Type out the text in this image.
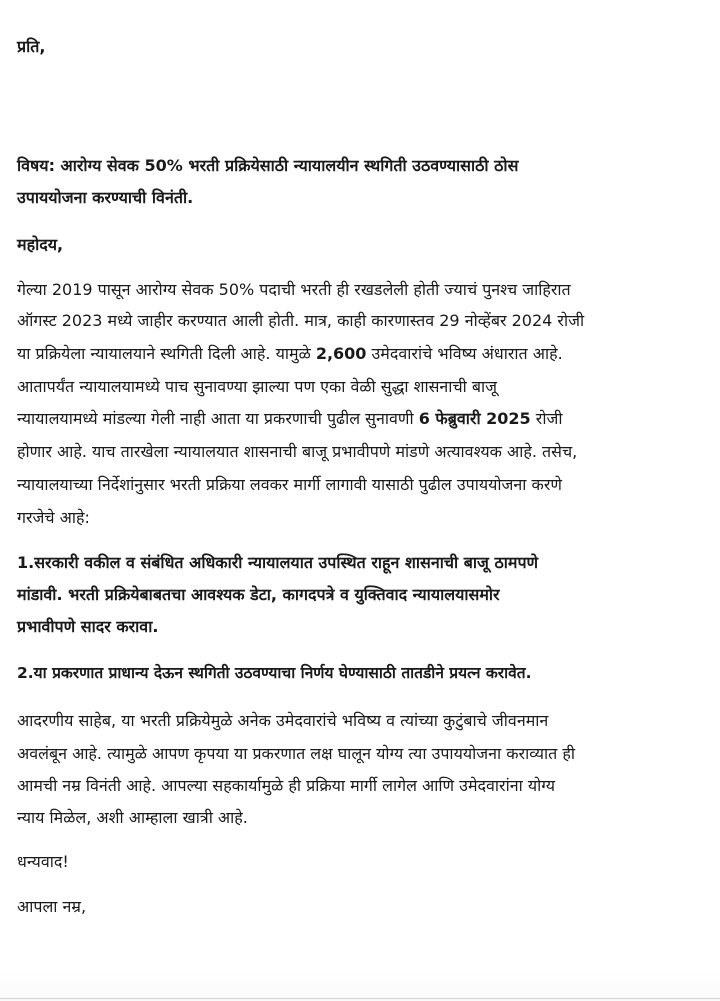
प्रति,
विषय: आरोग्य सेवक 50% भरती प्रक्रियेसाठी न्यायालयीन स्थगिती उठवण्यासाठी ठोस
उपाययोजना करण्याची विनंती.
महोदय,
गेल्या 2019 पासून आरोग्य सेवक 50% पदाची भरती ही रखडलेली होती ज्याचं पुनश्च जाहिरात
ऑगस्ट 2023 मध्ये जाहीर करण्यात आली होती. मात्र, काही कारणास्तव 29 नोव्हेंबर 2024 रोजी
या प्रक्रियेला न्यायालयाने स्थगिती दिली आहे. यामुळे 2,600 उमेदवारांचे भविष्य अंधारात आहे.
आतापर्यंत न्यायालयामध्ये पाच सुनावण्या झाल्या पण एका वेळी सुद्धा शासनाची बाजू
न्यायालयामध्ये मांडल्या गेली नाही आता या प्रकरणाची पुढील सुनावणी 6 फेब्रुवारी 2025 रोजी
होणार आहे. याच तारखेला न्यायालयात शासनाची बाजू प्रभावीपणे मांडणे अत्यावश्यक आहे. तसेच,
न्यायालयाच्या निर्देशांनुसार भरती प्रक्रिया लवकर मार्गी लागावी यासाठी पुढील उपाययोजना करणे
गरजेचे आहे:
1.सरकारी वकील व संबंधित अधिकारी न्यायालयात उपस्थित राहून शासनाची बाजू ठामपणे
मांडावी. भरती प्रक्रियेबाबतचा आवश्यक डेटा, कागदपत्रे व युक्तिवाद न्यायालयासमोर
प्रभावीपणे सादर करावा.
2.या प्रकरणात प्राधान्य देऊन स्थगिती उठवण्याचा निर्णय घेण्यासाठी तातडीने प्रयत्न करावेत.
आदरणीय साहेब, या भरती प्रक्रियेमुळे अनेक उमेदवारांचे भविष्य व त्यांच्या कुटुंबाचे जीवनमान
अवलंबून आहे. त्यामुळे आपण कृपया या प्रकरणात लक्ष घालून योग्य त्या उपाययोजना कराव्यात ही
आमची नम्र विनंती आहे. आपल्या सहकार्यामुळे ही प्रक्रिया मार्गी लागेल आणि उमेदवारांना योग्य
न्याय मिळेल, अशी आम्हाला खात्री आहे.
धन्यवाद!
आपला नम्र,
